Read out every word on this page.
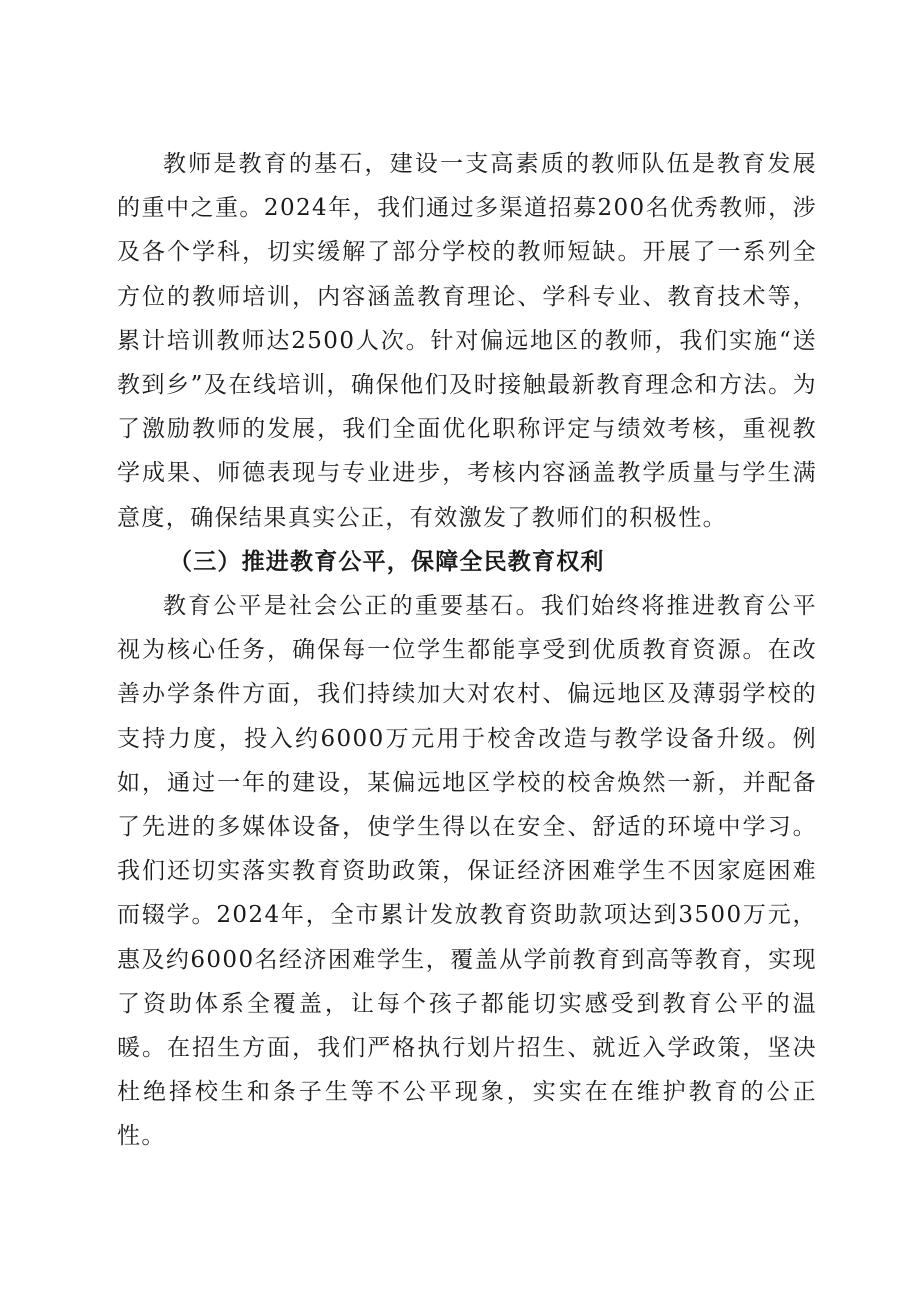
教师是教育的基石，建设一支高素质的教师队伍是教育发展的重中之重。2024年，我们通过多渠道招募200名优秀教师，涉及各个学科，切实缓解了部分学校的教师短缺。开展了一系列全方位的教师培训，内容涵盖教育理论、学科专业、教育技术等，累计培训教师达2500人次。针对偏远地区的教师，我们实施“送教到乡”及在线培训，确保他们及时接触最新教育理念和方法。为了激励教师的发展，我们全面优化职称评定与绩效考核，重视教学成果、师德表现与专业进步，考核内容涵盖教学质量与学生满意度，确保结果真实公正，有效激发了教师们的积极性。

（三）推进教育公平，保障全民教育权利

教育公平是社会公正的重要基石。我们始终将推进教育公平视为核心任务，确保每一位学生都能享受到优质教育资源。在改善办学条件方面，我们持续加大对农村、偏远地区及薄弱学校的支持力度，投入约6000万元用于校舍改造与教学设备升级。例如，通过一年的建设，某偏远地区学校的校舍焕然一新，并配备了先进的多媒体设备，使学生得以在安全、舒适的环境中学习。我们还切实落实教育资助政策，保证经济困难学生不因家庭困难而辍学。2024年，全市累计发放教育资助款项达到3500万元，惠及约6000名经济困难学生，覆盖从学前教育到高等教育，实现了资助体系全覆盖，让每个孩子都能切实感受到教育公平的温暖。在招生方面，我们严格执行划片招生、就近入学政策，坚决杜绝择校生和条子生等不公平现象，实实在在维护教育的公正性。
